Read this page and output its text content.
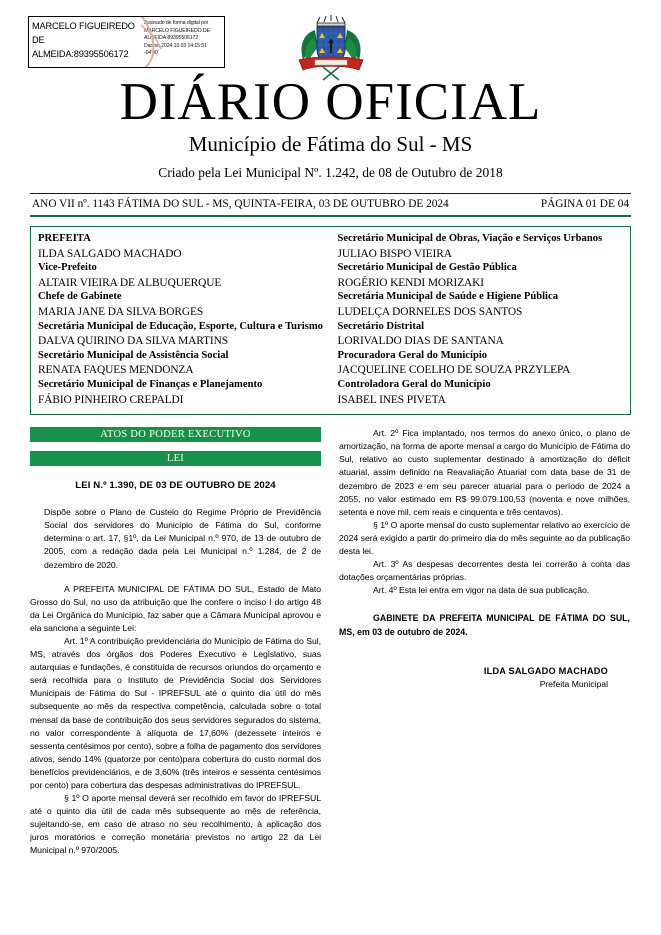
MARCELO FIGUEIREDO
DE
ALMEIDA:89395506172
Assinado de forma digital por
MARCELO FIGUEIREDO DE
ALMEIDA:89395506172
Dados: 2024.10.03 14:15:51 -04'00'
DIÁRIO OFICIAL
Município de Fátima do Sul - MS
Criado pela Lei Municipal Nº. 1.242, de 08 de Outubro de 2018
ANO VII nº. 1143 FÁTIMA DO SUL - MS, QUINTA-FEIRA, 03 DE OUTUBRO DE 2024	PÁGINA 01 DE 04
PREFEITA
ILDA SALGADO MACHADO
Vice-Prefeito
ALTAIR VIEIRA DE ALBUQUERQUE
Chefe de Gabinete
MARIA JANE DA SILVA BORGES
Secretária Municipal de Educação, Esporte, Cultura e Turismo
DALVA QUIRINO DA SILVA MARTINS
Secretário Municipal de Assistência Social
RENATA FAQUES MENDONZA
Secretário Municipal de Finanças e Planejamento
FÁBIO PINHEIRO CREPALDI
Secretário Municipal de Obras, Viação e Serviços Urbanos
JULIAO BISPO VIEIRA
Secretário Municipal de Gestão Pública
ROGÉRIO KENDI MORIZAKI
Secretária Municipal de Saúde e Higiene Pública
LUDELÇA DORNELES DOS SANTOS
Secretário Distrital
LORIVALDO DIAS DE SANTANA
Procuradora Geral do Município
JACQUELINE COELHO DE SOUZA PRZYLEPA
Controladora Geral do Município
ISABEL INES PIVETA
ATOS DO PODER EXECUTIVO
LEI
LEI N.º 1.390, DE 03 DE OUTUBRO DE 2024
Dispõe sobre o Plano de Custeio do Regime Próprio de Previdência Social dos servidores do Município de Fátima do Sul, conforme determina o art. 17, §1º, da Lei Municipal n.º 970, de 13 de outubro de 2005, com a redação dada pela Lei Municipal n.º 1.284, de 2 de dezembro de 2020.
A PREFEITA MUNICIPAL DE FÁTIMA DO SUL, Estado de Mato Grosso do Sul, no uso da atribuição que lhe confere o inciso I do artigo 48 da Lei Orgânica do Município, faz saber que a Câmara Municipal aprovou e ela sanciona a seguinte Lei:
Art. 1º A contribuição previdenciária do Município de Fátima do Sul, MS, através dos órgãos dos Poderes Executivo e Legislativo, suas autarquias e fundações, é constituída de recursos oriundos do orçamento e será recolhida para o Instituto de Previdência Social dos Servidores Municipais de Fátima do Sul - IPREFSUL até o quinto dia útil do mês subsequente ao mês da respectiva competência, calculada sobre o total mensal da base de contribuição dos seus servidores segurados do sistema, no valor correspondente à alíquota de 17,60% (dezessete inteiros e sessenta centésimos por cento), sobre a folha de pagamento dos servidores ativos, sendo 14% (quatorze por cento)para cobertura do custo normal dos benefícios previdenciários, e de 3,60% (três inteiros e sessenta centésimos por cento) para cobertura das despesas administrativas do IPREFSUL.
§ 1º O aporte mensal deverá ser recolhido em favor do IPREFSUL até o quinto dia útil de cada mês subsequente ao mês de referência, sujeitando-se, em caso de atraso no seu recolhimento, à aplicação dos juros moratórios e correção monetária previstos no artigo 22 da Lei Municipal n.º 970/2005.
Art. 2º Fica implantado, nos termos do anexo único, o plano de amortização, na forma de aporte mensal a cargo do Município de Fátima do Sul, relativo ao custo suplementar destinado à amortização do déficit atuarial, assim definido na Reavaliação Atuarial com data base de 31 de dezembro de 2023 e em seu parecer atuarial para o período de 2024 a 2055, no valor estimado em R$ 99.079.100,53 (noventa e nove milhões, setenta e nove mil, cem reais e cinquenta e três centavos).
§ 1º O aporte mensal do custo suplementar relativo ao exercício de 2024 será exigido a partir do primeiro dia do mês seguinte ao da publicação desta lei.
Art. 3º As despesas decorrentes desta lei correrão à conta das dotações orçamentárias próprias.
Art. 4º Esta lei entra em vigor na data de sua publicação.
GABINETE DA PREFEITA MUNICIPAL DE FÁTIMA DO SUL, MS, em 03 de outubro de 2024.
ILDA SALGADO MACHADO
Prefeita Municipal
